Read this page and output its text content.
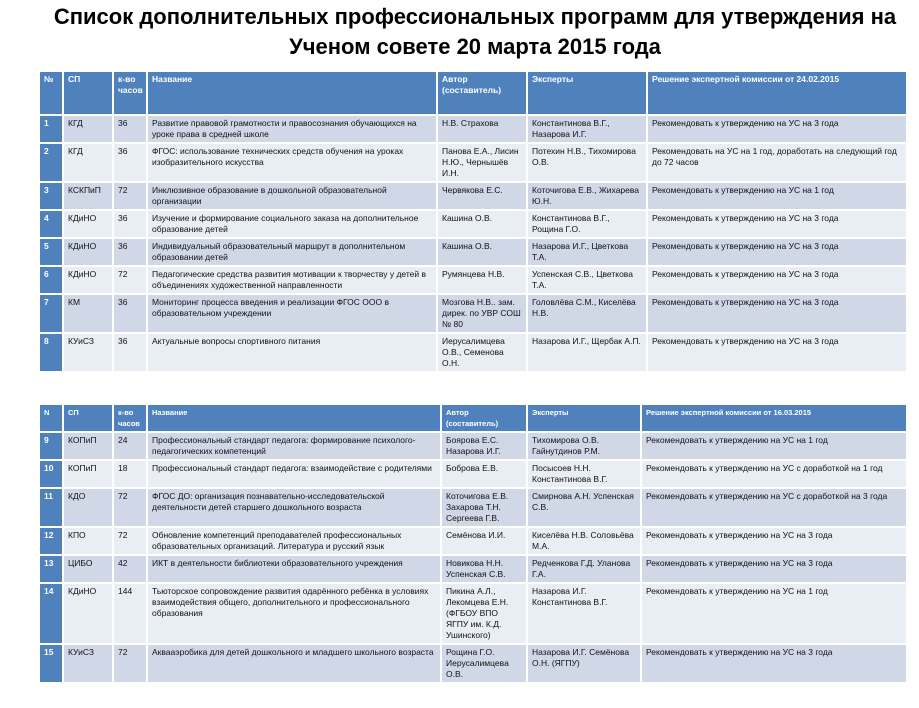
Список дополнительных профессиональных программ для утверждения на Ученом совете 20 марта 2015 года
№	СП	к-во часов	Название	Автор (составитель)	Эксперты	Решение экспертной комиссии от 24.02.2015
1	КГД	36	Развитие правовой грамотности и правосознания обучающихся на уроке права в средней школе	Н.В. Страхова	Константинова В.Г., Назарова И.Г.	Рекомендовать к утверждению на УС на 3 года
2	КГД	36	ФГОС: использование технических средств обучения на уроках изобразительного искусства	Панова Е.А., Лисин Н.Ю., Чернышёв И.Н.	Потехин Н.В., Тихомирова О.В.	Рекомендовать на УС на 1 год, доработать на следующий год до 72 часов
3	КСКПиП	72	Инклюзивное образование в дошкольной образовательной организации	Червякова Е.С.	Коточигова Е.В., Жихарева Ю.Н.	Рекомендовать к утверждению на УС на 1 год
4	КДиНО	36	Изучение и формирование социального заказа на дополнительное образование детей	Кашина О.В.	Константинова В.Г., Рощина Г.О.	Рекомендовать к утверждению на УС на 3 года
5	КДиНО	36	Индивидуальный образовательный маршрут в дополнительном образовании детей	Кашина О.В.	Назарова И.Г., Цветкова Т.А.	Рекомендовать к утверждению на УС на 3 года
6	КДиНО	72	Педагогические средства развития мотивации к творчеству у детей в объединениях художественной направленности	Румянцева Н.В.	Успенская С.В., Цветкова Т.А.	Рекомендовать к утверждению на УС на 3 года
7	КМ	36	Мониторинг процесса введения и реализации ФГОС ООО в образовательном учреждении	Мозгова Н.В.. зам. дирек. по УВР СОШ № 80	Головлёва С.М., Киселёва Н.В.	Рекомендовать к утверждению на УС на 3 года
8	КУиСЗ	36	Актуальные вопросы спортивного питания	Иерусалимцева О.В., Семенова О.Н.	Назарова И.Г., Щербак А.П.	Рекомендовать к утверждению на УС на 3 года
N	СП	к-во часов	Название	Автор (составитель)	Эксперты	Решение экспертной комиссии от 16.03.2015
9	КОПиП	24	Профессиональный стандарт педагога: формирование психолого-педагогических компетенций	Боярова Е.С. Назарова И.Г.	Тихомирова О.В. Гайнутдинов Р.М.	Рекомендовать к утверждению на УС на 1 год
10	КОПиП	18	Профессиональный стандарт педагога: взаимодействие с родителями	Боброва Е.В.	Посысоев Н.Н. Константинова В.Г.	Рекомендовать к утверждению на УС с доработкой на 1 год
11	КДО	72	ФГОС ДО: организация познавательно-исследовательской деятельности детей старшего дошкольного возраста	Коточигова Е.В. Захарова Т.Н. Сергеева Г.В.	Смирнова А.Н. Успенская С.В.	Рекомендовать к утверждению на УС с доработкой на 3 года
12	КПО	72	Обновление компетенций преподавателей профессиональных образовательных организаций. Литература и русский язык	Семёнова И.И.	Киселёва Н.В. Соловьёва М.А.	Рекомендовать к утверждению на УС на 3 года
13	ЦИБО	42	ИКТ в деятельности библиотеки образовательного учреждения	Новикова Н.Н. Успенская С.В.	Редченкова Г.Д. Уланова Г.А.	Рекомендовать к утверждению на УС на 3 года
14	КДиНО	144	Тьюторское сопровождение развития одарённого ребёнка в условиях взаимодействия общего, дополнительного и профессионального образования	Пикина А.Л., Лекомцева Е.Н. (ФГБОУ ВПО ЯГПУ им. К.Д. Ушинского)	Назарова И.Г. Константинова В.Г.	Рекомендовать к утверждению на УС на 1 год
15	КУиСЗ	72	Аквааэробика для детей дошкольного и младшего школьного возраста	Рощина Г.О. Иерусалимцева О.В.	Назарова И.Г. Семёнова О.Н. (ЯГПУ)	Рекомендовать к утверждению на УС на 3 года
